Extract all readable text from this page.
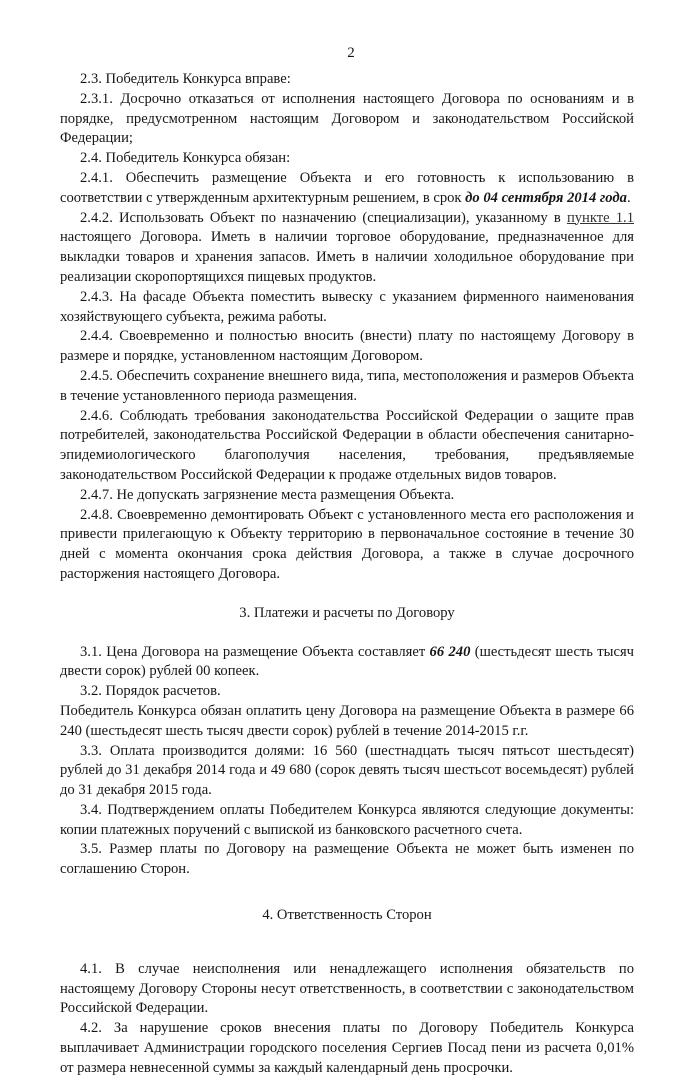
2

2.3. Победитель Конкурса вправе:

2.3.1. Досрочно отказаться от исполнения настоящего Договора по основаниям и в порядке, предусмотренном настоящим Договором и законодательством Российской Федерации;

2.4. Победитель Конкурса обязан:

2.4.1. Обеспечить размещение Объекта и его готовность к использованию в соответствии с утвержденным архитектурным решением, в срок до 04 сентября 2014 года.

2.4.2. Использовать Объект по назначению (специализации), указанному в пункте 1.1 настоящего Договора. Иметь в наличии торговое оборудование, предназначенное для выкладки товаров и хранения запасов. Иметь в наличии холодильное оборудование при реализации скоропортящихся пищевых продуктов.

2.4.3. На фасаде Объекта поместить вывеску с указанием фирменного наименования хозяйствующего субъекта, режима работы.

2.4.4. Своевременно и полностью вносить (внести) плату по настоящему Договору в размере и порядке, установленном настоящим Договором.

2.4.5. Обеспечить сохранение внешнего вида, типа, местоположения и размеров Объекта в течение установленного периода размещения.

2.4.6. Соблюдать требования законодательства Российской Федерации о защите прав потребителей, законодательства Российской Федерации в области обеспечения санитарно-эпидемиологического благополучия населения, требования, предъявляемые законодательством Российской Федерации к продаже отдельных видов товаров.

2.4.7. Не допускать загрязнение места размещения Объекта.

2.4.8. Своевременно демонтировать Объект с установленного места его расположения и привести прилегающую к Объекту территорию в первоначальное состояние в течение 30 дней с момента окончания срока действия Договора, а также в случае досрочного расторжения настоящего Договора.

3. Платежи и расчеты по Договору

3.1. Цена Договора на размещение Объекта составляет 66 240 (шестьдесят шесть тысяч двести сорок) рублей 00 копеек.

3.2. Порядок расчетов.

Победитель Конкурса обязан оплатить цену Договора на размещение Объекта в размере 66 240 (шестьдесят шесть тысяч двести сорок) рублей в течение 2014-2015 г.г.

3.3. Оплата производится долями: 16 560 (шестнадцать тысяч пятьсот шестьдесят) рублей до 31 декабря 2014 года и 49 680 (сорок девять тысяч шестьсот восемьдесят) рублей до 31 декабря 2015 года.

3.4. Подтверждением оплаты Победителем Конкурса являются следующие документы: копии платежных поручений с выпиской из банковского расчетного счета.

3.5. Размер платы по Договору на размещение Объекта не может быть изменен по соглашению Сторон.

4. Ответственность Сторон

4.1. В случае неисполнения или ненадлежащего исполнения обязательств по настоящему Договору Стороны несут ответственность, в соответствии с законодательством Российской Федерации.

4.2. За нарушение сроков внесения платы по Договору Победитель Конкурса выплачивает Администрации городского поселения Сергиев Посад пени из расчета 0,01% от размера невнесенной суммы за каждый календарный день просрочки.
